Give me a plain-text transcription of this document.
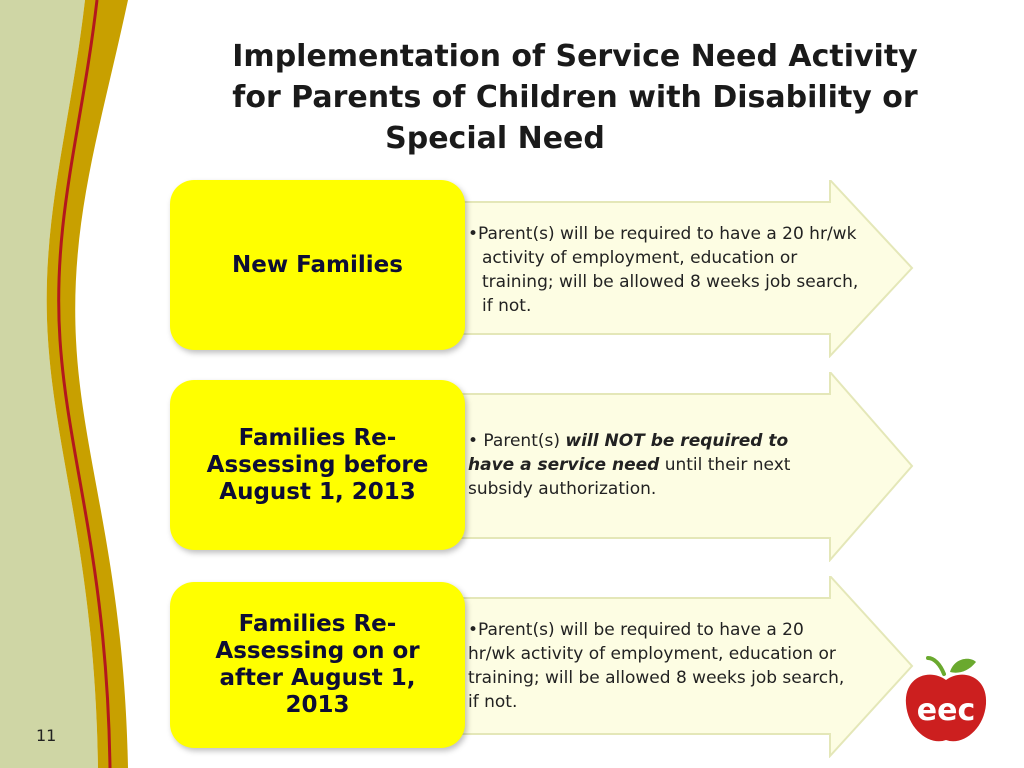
Implementation of Service Need Activity
for Parents of Children with Disability or
Special Need
New Families
•Parent(s) will be required to have a 20 hr/wk activity of employment, education or training; will be allowed 8 weeks job search, if not.
Families Re-Assessing before August 1, 2013
• Parent(s) will NOT be required to have a service need until their next subsidy authorization.
Families Re-Assessing on or after August 1, 2013
•Parent(s) will be required to have a 20 hr/wk activity of employment, education or training; will be allowed 8 weeks job search, if not.
11
eec
